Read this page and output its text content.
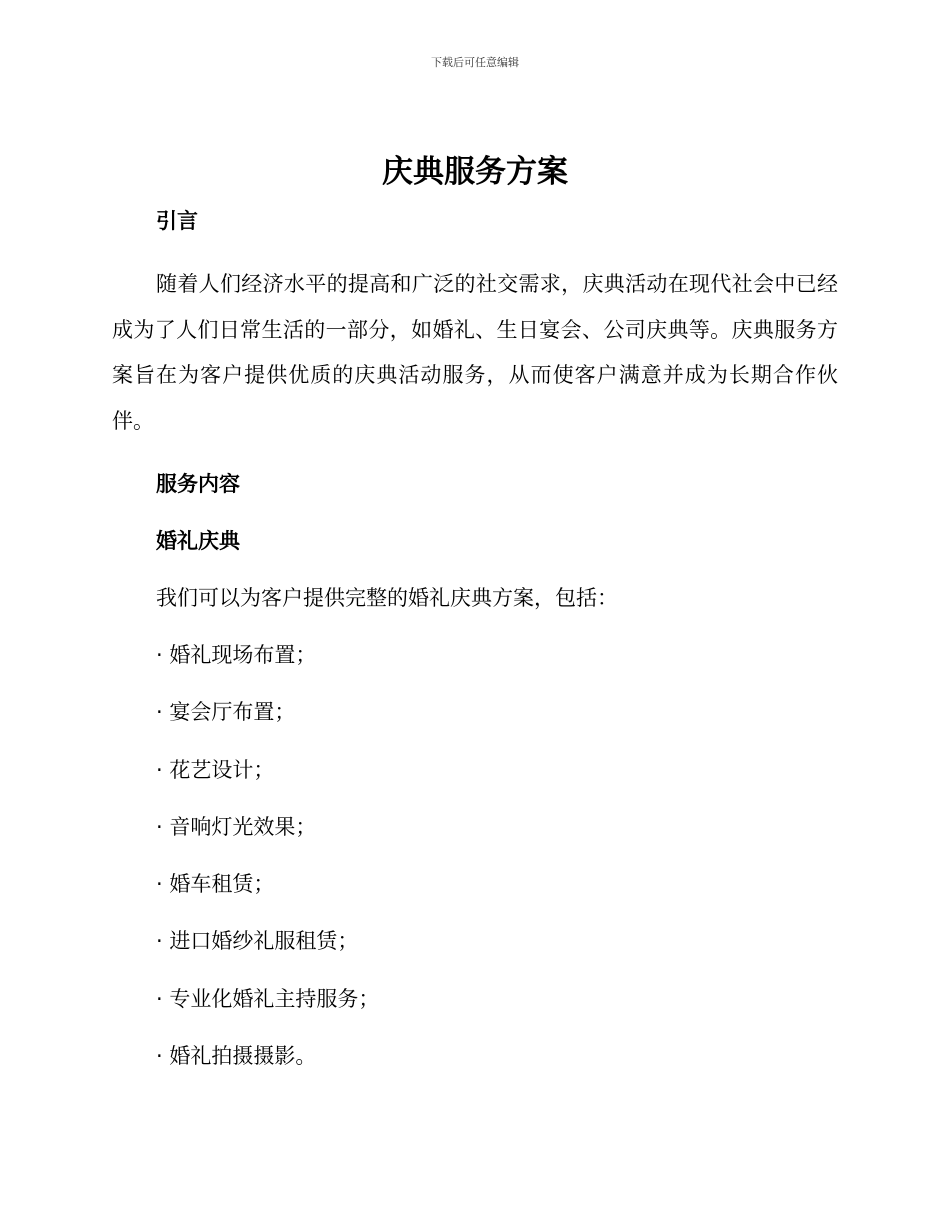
下载后可任意编辑
庆典服务方案
引言

随着人们经济水平的提高和广泛的社交需求，庆典活动在现代社会中已经成为了人们日常生活的一部分，如婚礼、生日宴会、公司庆典等。庆典服务方案旨在为客户提供优质的庆典活动服务，从而使客户满意并成为长期合作伙伴。

服务内容
婚礼庆典

我们可以为客户提供完整的婚礼庆典方案，包括：

· 婚礼现场布置；
· 宴会厅布置；
· 花艺设计；
· 音响灯光效果；
· 婚车租赁；
· 进口婚纱礼服租赁；
· 专业化婚礼主持服务；
· 婚礼拍摄摄影。
